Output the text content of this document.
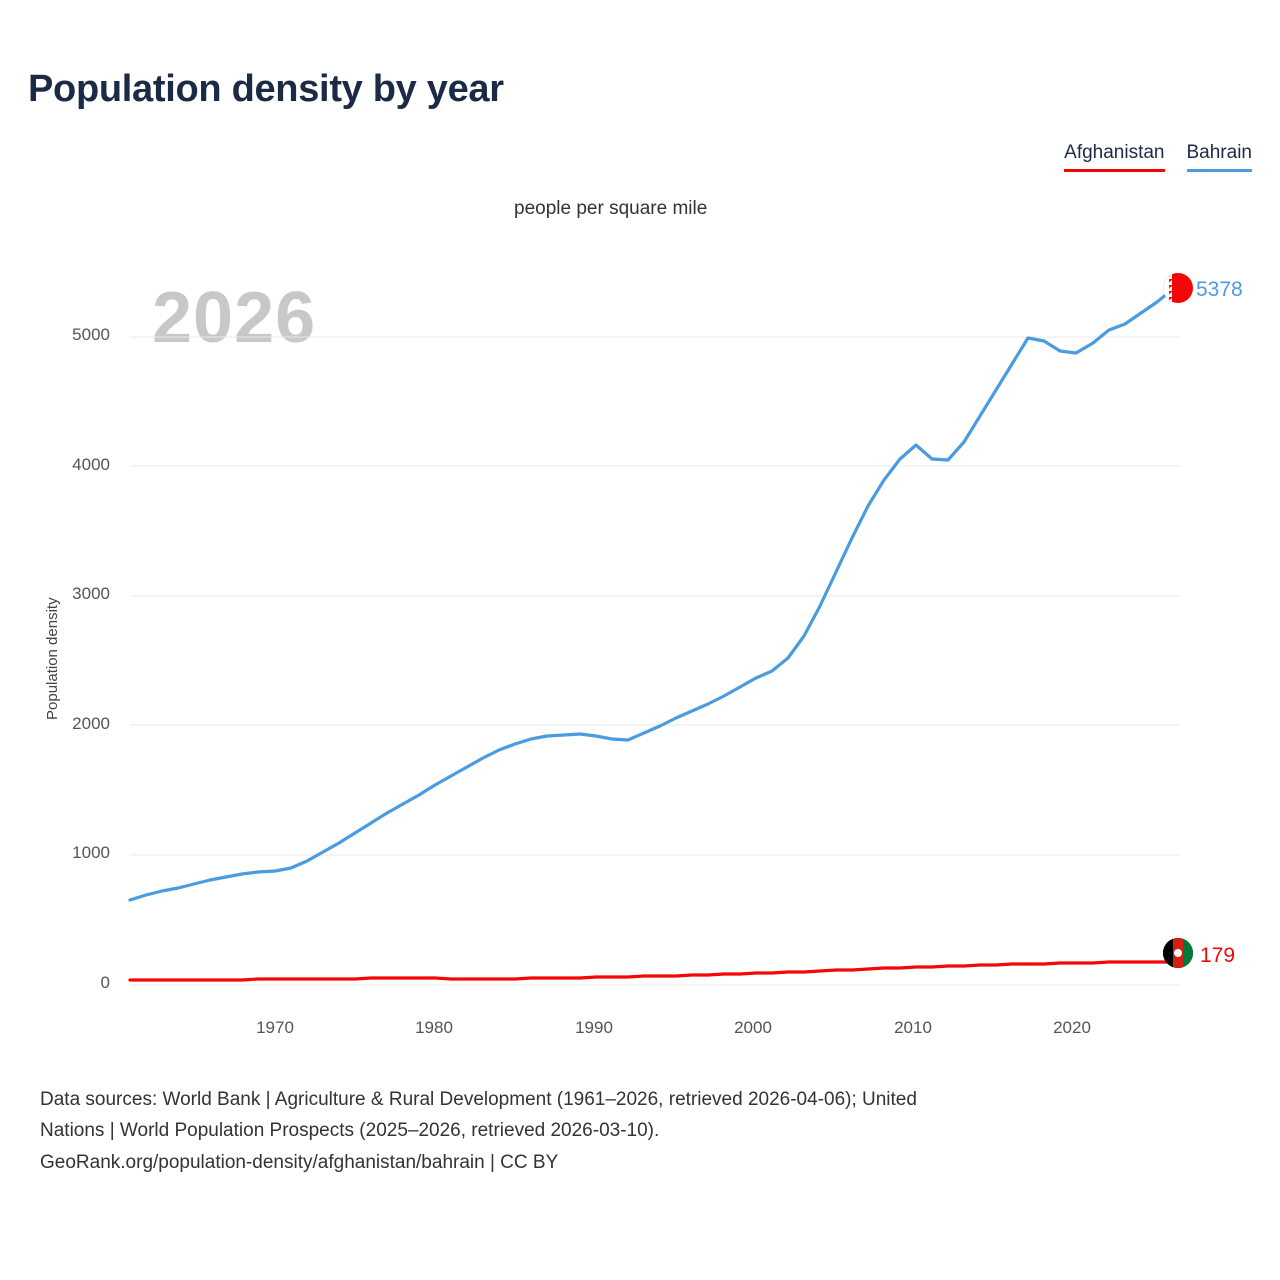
Population density by year
Afghanistan Bahrain
people per square mile
Population density
2026
0
1000
2000
3000
4000
5000
1970	1980	1990	2000	2010	2020
5378
179
Data sources: World Bank | Agriculture & Rural Development (1961–2026, retrieved 2026-04-06); United
Nations | World Population Prospects (2025–2026, retrieved 2026-03-10).
GeoRank.org/population-density/afghanistan/bahrain | CC BY
